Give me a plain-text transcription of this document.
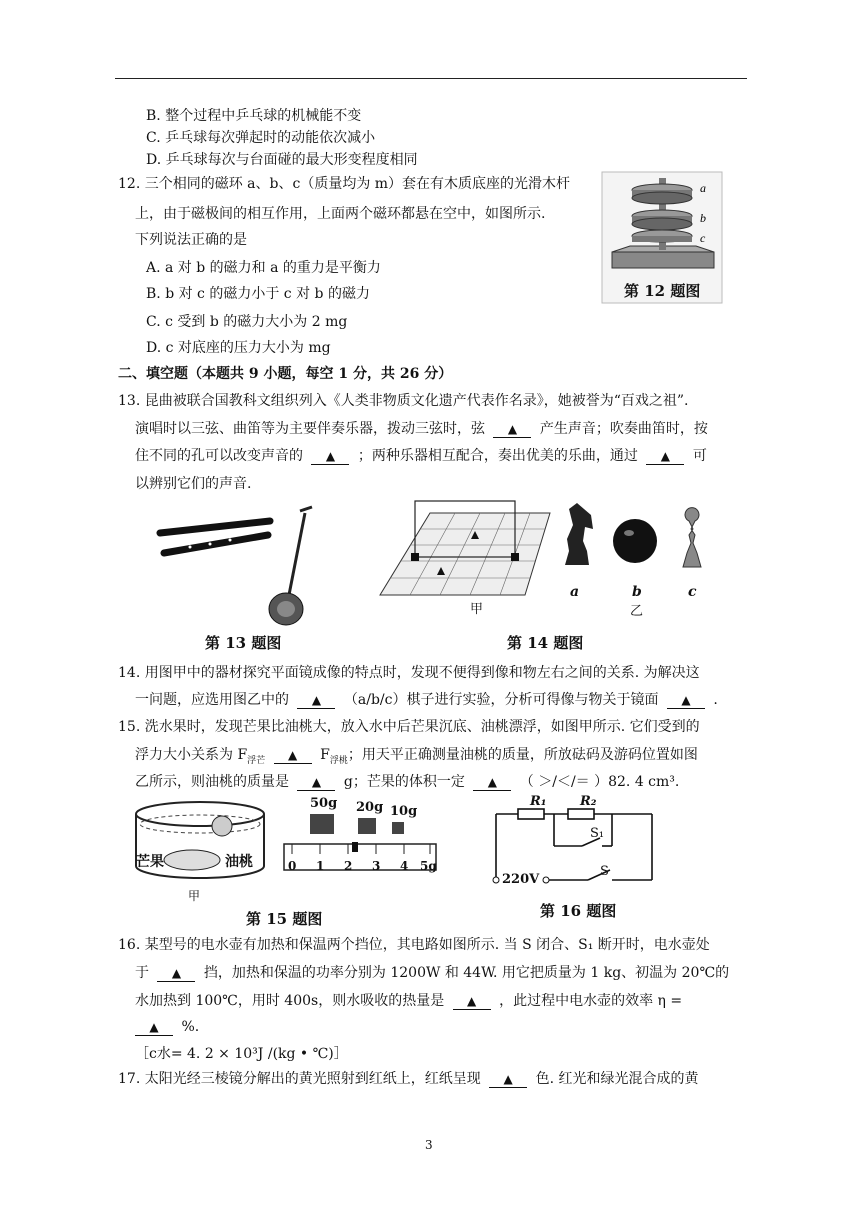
B. 整个过程中乒乓球的机械能不变
C. 乒乓球每次弹起时的动能依次减小
D. 乒乓球每次与台面碰的最大形变程度相同
12. 三个相同的磁环 a、b、c（质量均为 m）套在有木质底座的光滑木杆
上，由于磁极间的相互作用，上面两个磁环都悬在空中，如图所示.
下列说法正确的是
A. a 对 b 的磁力和 a 的重力是平衡力
B. b 对 c 的磁力小于 c 对 b 的磁力
C. c 受到 b 的磁力大小为 2 mg
D. c 对底座的压力大小为 mg
a
b
c
第 12 题图
二、填空题（本题共 9 小题，每空 1 分，共 26 分）
13. 昆曲被联合国教科文组织列入《人类非物质文化遗产代表作名录》，她被誉为“百戏之祖”.
演唱时以三弦、曲笛等为主要伴奏乐器，拨动三弦时，弦 ▲ 产生声音；吹奏曲笛时，按
住不同的孔可以改变声音的 ▲ ；两种乐器相互配合，奏出优美的乐曲，通过 ▲ 可
以辨别它们的声音.
第 13 题图
甲
a	b	c
乙
第 14 题图
14. 用图甲中的器材探究平面镜成像的特点时，发现不便得到像和物左右之间的关系. 为解决这
一问题，应选用图乙中的 ▲ （a/b/c）棋子进行实验，分析可得像与物关于镜面 ▲ .
15. 洗水果时，发现芒果比油桃大，放入水中后芒果沉底、油桃漂浮，如图甲所示. 它们受到的
浮力大小关系为 $F_{浮芒}$ ▲ $F_{浮桃}$；用天平正确测量油桃的质量，所放砝码及游码位置如图
乙所示，则油桃的质量是 ▲ g；芒果的体积一定 ▲ （ ＞/＜/＝ ）82. 4 cm³.
芒果	油桃
甲
50g 20g 10g
0 1 2 3 4 5g
第 15 题图
R₁	R₂
S₁
S
220V
第 16 题图
16. 某型号的电水壶有加热和保温两个挡位，其电路如图所示. 当 S 闭合、S₁ 断开时，电水壶处
于 ▲ 挡，加热和保温的功率分别为 1200W 和 44W. 用它把质量为 1 kg、初温为 20℃的
水加热到 100℃，用时 400s，则水吸收的热量是 ▲ ，此过程中电水壶的效率 η =
▲ %.
［c水= 4. 2 × 10³J /(kg • ℃)］
17. 太阳光经三棱镜分解出的黄光照射到红纸上，红纸呈现 ▲ 色. 红光和绿光混合成的黄
3
